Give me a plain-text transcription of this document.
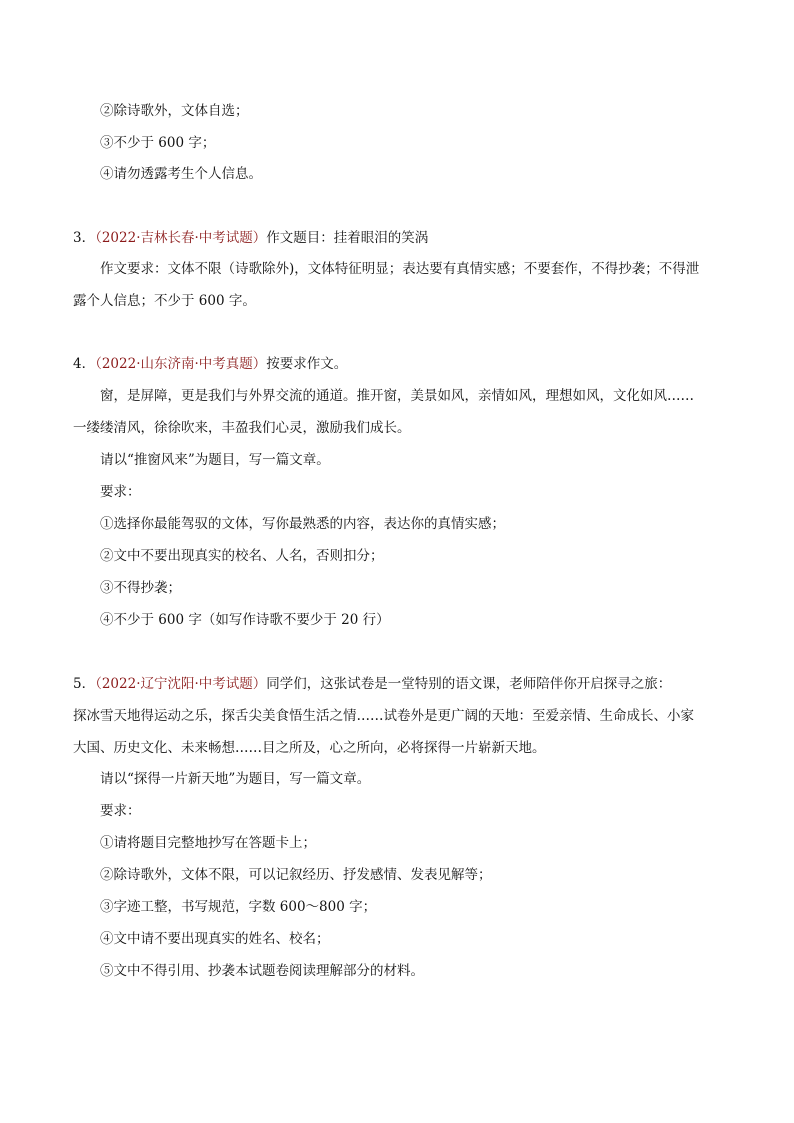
②除诗歌外，文体自选；
③不少于 600 字；
④请勿透露考生个人信息。
3．（2022·吉林长春·中考试题）作文题目：挂着眼泪的笑涡
作文要求：文体不限（诗歌除外)，文体特征明显；表达要有真情实感；不要套作，不得抄袭；不得泄
露个人信息；不少于 600 字。
4．（2022·山东济南·中考真题）按要求作文。
窗，是屏障，更是我们与外界交流的通道。推开窗，美景如风，亲情如风，理想如风，文化如风……
一缕缕清风，徐徐吹来，丰盈我们心灵，激励我们成长。
请以“推窗风来”为题目，写一篇文章。
要求：
①选择你最能驾驭的文体，写你最熟悉的内容，表达你的真情实感；
②文中不要出现真实的校名、人名，否则扣分；
③不得抄袭；
④不少于 600 字（如写作诗歌不要少于 20 行）
5．（2022·辽宁沈阳·中考试题）同学们，这张试卷是一堂特别的语文课，老师陪伴你开启探寻之旅：
探冰雪天地得运动之乐，探舌尖美食悟生活之情……试卷外是更广阔的天地：至爱亲情、生命成长、小家
大国、历史文化、未来畅想……目之所及，心之所向，必将探得一片崭新天地。
请以“探得一片新天地”为题目，写一篇文章。
要求：
①请将题目完整地抄写在答题卡上；
②除诗歌外，文体不限，可以记叙经历、抒发感情、发表见解等；
③字迹工整，书写规范，字数 600～800 字；
④文中请不要出现真实的姓名、校名；
⑤文中不得引用、抄袭本试题卷阅读理解部分的材料。
